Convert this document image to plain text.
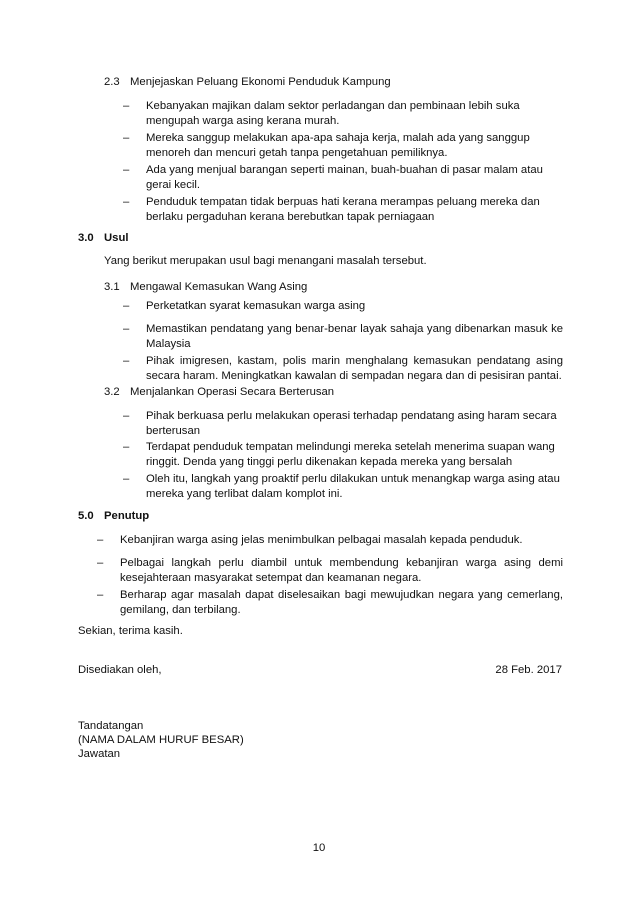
2.3 Menjejaskan Peluang Ekonomi Penduduk Kampung
– Kebanyakan majikan dalam sektor perladangan dan pembinaan lebih suka mengupah warga asing kerana murah.
– Mereka sanggup melakukan apa-apa sahaja kerja, malah ada yang sanggup menoreh dan mencuri getah tanpa pengetahuan pemiliknya.
– Ada yang menjual barangan seperti mainan, buah-buahan di pasar malam atau gerai kecil.
– Penduduk tempatan tidak berpuas hati kerana merampas peluang mereka dan berlaku pergaduhan kerana berebutkan tapak perniagaan
3.0 Usul
Yang berikut merupakan usul bagi menangani masalah tersebut.
3.1 Mengawal Kemasukan Wang Asing
– Perketatkan syarat kemasukan warga asing
– Memastikan pendatang yang benar-benar layak sahaja yang dibenarkan masuk ke Malaysia
– Pihak imigresen, kastam, polis marin menghalang kemasukan pendatang asing secara haram. Meningkatkan kawalan di sempadan negara dan di pesisiran pantai.
3.2 Menjalankan Operasi Secara Berterusan
– Pihak berkuasa perlu melakukan operasi terhadap pendatang asing haram secara berterusan
– Terdapat penduduk tempatan melindungi mereka setelah menerima suapan wang ringgit. Denda yang tinggi perlu dikenakan kepada mereka yang bersalah
– Oleh itu, langkah yang proaktif perlu dilakukan untuk menangkap warga asing atau mereka yang terlibat dalam komplot ini.
5.0 Penutup
– Kebanjiran warga asing jelas menimbulkan pelbagai masalah kepada penduduk.
– Pelbagai langkah perlu diambil untuk membendung kebanjiran warga asing demi kesejahteraan masyarakat setempat dan keamanan negara.
– Berharap agar masalah dapat diselesaikan bagi mewujudkan negara yang cemerlang, gemilang, dan terbilang.
Sekian, terima kasih.
Disediakan oleh,	28 Feb. 2017
Tandatangan
(NAMA DALAM HURUF BESAR)
Jawatan
10
